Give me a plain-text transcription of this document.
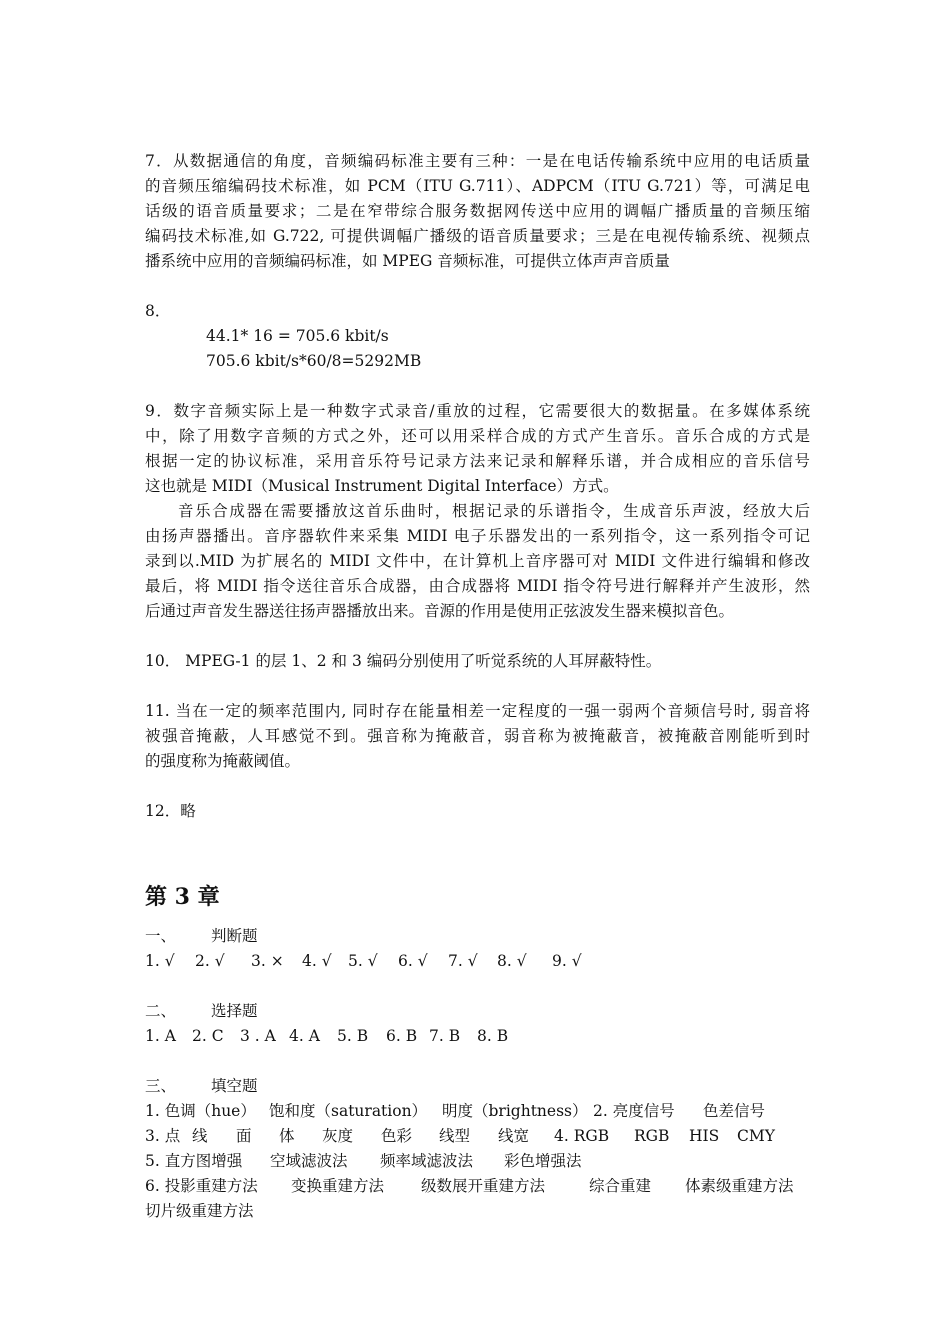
7．从数据通信的角度，音频编码标准主要有三种：一是在电话传输系统中应用的电话质量
的音频压缩编码技术标准，如 PCM（ITU G.711）、ADPCM（ITU G.721）等，可满足电
话级的语音质量要求；二是在窄带综合服务数据网传送中应用的调幅广播质量的音频压缩
编码技术标准,如 G.722, 可提供调幅广播级的语音质量要求；三是在电视传输系统、视频点
播系统中应用的音频编码标准，如 MPEG 音频标准，可提供立体声声音质量
8．
44.1* 16 = 705.6 kbit/s
705.6 kbit/s*60/8=5292MB
9．数字音频实际上是一种数字式录音/重放的过程，它需要很大的数据量。在多媒体系统
中，除了用数字音频的方式之外，还可以用采样合成的方式产生音乐。音乐合成的方式是
根据一定的协议标准，采用音乐符号记录方法来记录和解释乐谱，并合成相应的音乐信号
这也就是 MIDI（Musical Instrument Digital Interface）方式。
音乐合成器在需要播放这首乐曲时，根据记录的乐谱指令，生成音乐声波，经放大后
由扬声器播出。音序器软件来采集 MIDI 电子乐器发出的一系列指令，这一系列指令可记
录到以.MID 为扩展名的 MIDI 文件中，在计算机上音序器可对 MIDI 文件进行编辑和修改
最后，将 MIDI 指令送往音乐合成器，由合成器将 MIDI 指令符号进行解释并产生波形，然
后通过声音发生器送往扬声器播放出来。音源的作用是使用正弦波发生器来模拟音色。
10． MPEG-1 的层 1、2 和 3 编码分别使用了听觉系统的人耳屏蔽特性。
11. 当在一定的频率范围内, 同时存在能量相差一定程度的一强一弱两个音频信号时, 弱音将
被强音掩蔽，人耳感觉不到。强音称为掩蔽音，弱音称为被掩蔽音，被掩蔽音刚能听到时
的强度称为掩蔽阈值。
12．略
第 3 章
一、 判断题
1. √ 2. √ 3. × 4. √ 5. √ 6. √ 7. √ 8. √ 9. √
二、 选择题
1. A 2. C 3 . A 4. A 5. B 6. B 7. B 8. B
三、 填空题
1. 色调（hue） 饱和度（saturation） 明度（brightness） 2. 亮度信号 色差信号
3. 点 线 面 体 灰度 色彩 线型 线宽 4. RGB RGB HIS CMY
5. 直方图增强 空域滤波法 频率域滤波法 彩色增强法
6. 投影重建方法 变换重建方法 级数展开重建方法	综合重建 体素级重建方法
切片级重建方法
